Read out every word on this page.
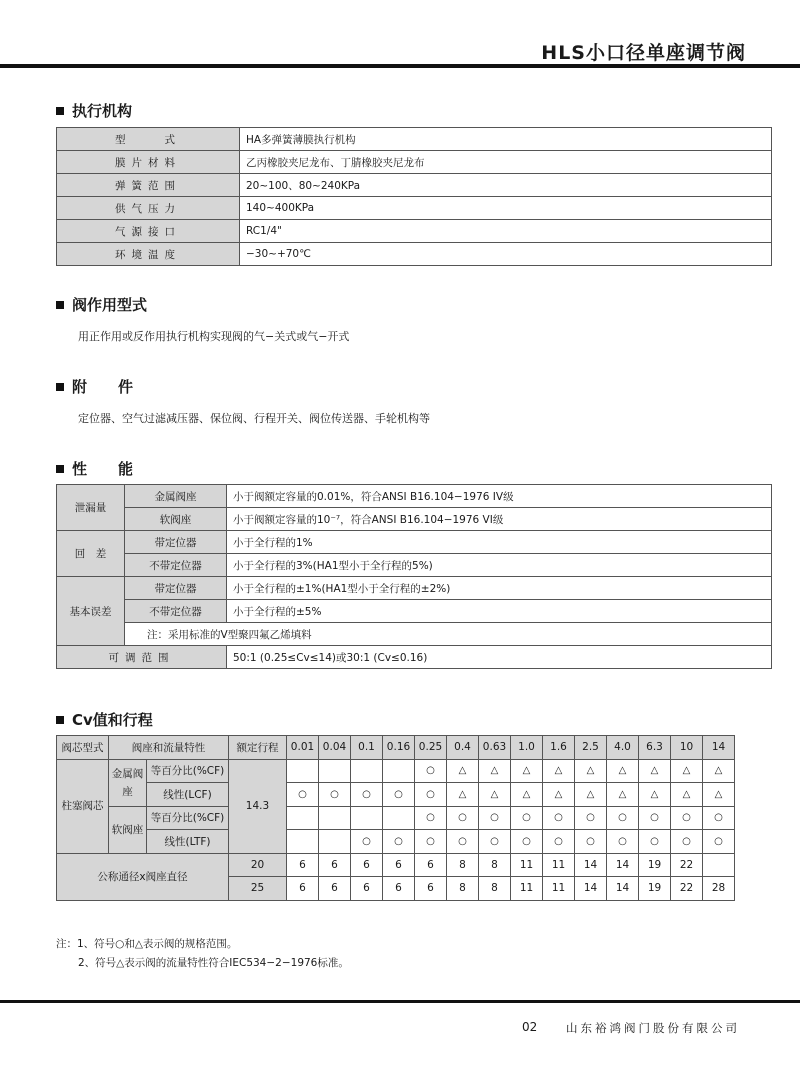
HLS小口径单座调节阀
执行机构
型　　式	HA多弹簧薄膜执行机构
膜片材料	乙丙橡胶夹尼龙布、丁腈橡胶夹尼龙布
弹簧范围	20~100、80~240KPa
供气压力	140~400KPa
气源接口	RC1/4"
环境温度	−30~+70℃
阀作用型式
用正作用或反作用执行机构实现阀的气−关式或气−开式
附　件
定位器、空气过滤减压器、保位阀、行程开关、阀位传送器、手轮机构等
性　能
泄漏量	金属阀座	小于阀额定容量的0.01%，符合ANSI B16.104−1976 IV级
	软阀座	小于阀额定容量的10⁻⁷，符合ANSI B16.104−1976 VI级
回　差	带定位器	小于全行程的1%
	不带定位器	小于全行程的3%(HA1型小于全行程的5%)
基本误差	带定位器	小于全行程的±1%(HA1型小于全行程的±2%)
	不带定位器	小于全行程的±5%
	注：采用标准的V型聚四氟乙烯填料	
可调范围		50:1 (0.25≤Cv≤14)或30:1 (Cv≤0.16)
Cv值和行程
阀芯型式	阀座和流量特性		额定行程	0.01	0.04	0.1	0.16	0.25	0.4	0.63	1.0	1.6	2.5	4.0	6.3	10	14
柱塞阀芯	金属阀座	等百分比(%CF)	14.3					○	△	△	△	△	△	△	△	△	△
		线性(LCF)		○	○	○	○	○	△	△	△	△	△	△	△	△	△
	软阀座	等百分比(%CF)						○	○	○	○	○	○	○	○	○	○
		线性(LTF)				○	○	○	○	○	○	○	○	○	○	○	○
公称通径x阀座直径			20	6	6	6	6	6	8	8	11	11	14	14	19	22	
			25	6	6	6	6	6	8	8	11	11	14	14	19	22	28
注：1、符号○和△表示阀的规格范围。
2、符号△表示阀的流量特性符合IEC534−2−1976标准。
02 山东裕鸿阀门股份有限公司
